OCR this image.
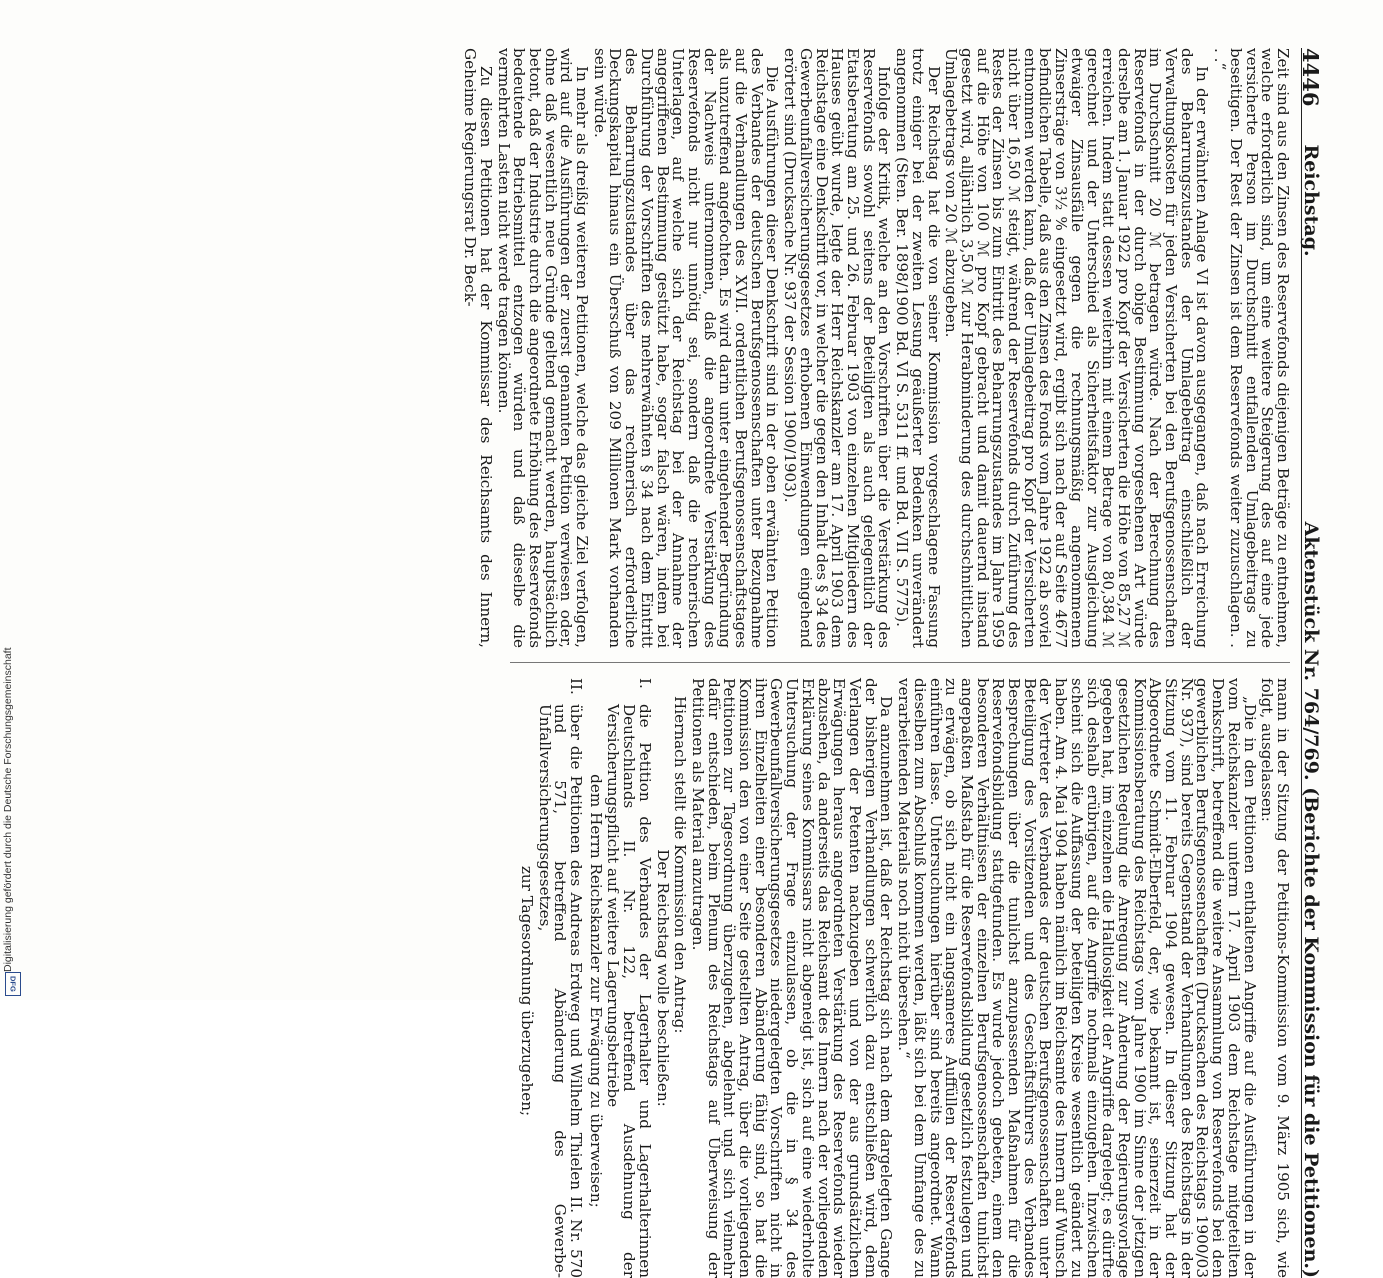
4446
Reichstag.
Aktenstück Nr. 764/769. (Berichte der Kommission für die Petitionen.)

Zeit sind aus den Zinsen des Reservefonds diejenigen Beträge zu entnehmen, welche erforderlich sind, um eine weitere Steigerung des auf eine jede versicherte Person im Durchschnitt entfallenden Umlagebeitrags zu beseitigen. Der Rest der Zinsen ist dem Reservefonds weiter zuzuschlagen. . . .“

In der erwähnten Anlage VI ist davon ausgegangen, daß nach Erreichung des Beharrungszustandes der Umlagebeitrag einschließlich der Verwaltungskosten für jeden Versicherten bei den Berufsgenossenschaften im Durchschnitt 20 ℳ betragen würde. Nach der Berechnung des Reservefonds in der durch obige Bestimmung vorgesehenen Art würde derselbe am 1. Januar 1922 pro Kopf der Versicherten die Höhe von 85,27 ℳ erreichen. Indem statt dessen weiterhin mit einem Betrage von 80,384 ℳ gerechnet und der Unterschied als Sicherheitsfaktor zur Ausgleichung etwaiger Zinsausfälle gegen die rechnungsmäßig angenommenen Zinsersträge von 3½ % eingesetzt wird, ergibt sich nach der auf Seite 4677 befindlichen Tabelle, daß aus den Zinsen des Fonds vom Jahre 1922 ab soviel entnommen werden kann, daß der Umlagebeitrag pro Kopf der Versicherten nicht über 16,50 ℳ steigt, während der Reservefonds durch Zuführung des Restes der Zinsen bis zum Eintritt des Beharrungszustandes im Jahre 1959 auf die Höhe von 100 ℳ pro Kopf gebracht und damit dauernd instand gesetzt wird, alljährlich 3,50 ℳ zur Herabminderung des durchschnittlichen Umlagebetrags von 20 ℳ abzugeben.

Der Reichstag hat die von seiner Kommission vorgeschlagene Fassung trotz einiger bei der zweiten Lesung geäußerter Bedenken unverändert angenommen (Sten. Ber. 1898/1900 Bd. VI S. 5311 ff. und Bd. VII S. 5775).

Infolge der Kritik, welche an den Vorschriften über die Verstärkung des Reservefonds sowohl seitens der Beteiligten als auch gelegentlich der Etatsberatung am 25. und 26. Februar 1903 von einzelnen Mitgliedern des Hauses geübt wurde, legte der Herr Reichskanzler am 17. April 1903 dem Reichstage eine Denkschrift vor, in welcher die gegen den Inhalt des § 34 des Gewerbeunfallversicherungsgesetzes erhobenen Einwendungen eingehend erörtert sind (Drucksache Nr. 937 der Session 1900/1903).

Die Ausführungen dieser Denkschrift sind in der oben erwähnten Petition des Verbandes der deutschen Berufsgenossenschaften unter Bezugnahme auf die Verhandlungen des XVII. ordentlichen Berufsgenossenschaftstages als unzutreffend angefochten. Es wird darin unter eingehender Begründung der Nachweis unternommen, daß die angeordnete Verstärkung des Reservefonds nicht nur unnötig sei, sondern daß die rechnerischen Unterlagen, auf welche sich der Reichstag bei der Annahme der angegriffenen Bestimmung gestützt habe, sogar falsch wären, indem bei Durchführung der Vorschriften des mehrerwähnten § 34 nach dem Eintritt des Beharrungszustandes über das rechnerisch erforderliche Deckungskapital hinaus ein Überschuß von 209 Millionen Mark vorhanden sein würde.

In mehr als dreißig weiteren Petitionen, welche das gleiche Ziel verfolgen, wird auf die Ausführungen der zuerst genannten Petition verwiesen oder, ohne daß wesentlich neue Gründe geltend gemacht werden, hauptsächlich betont, daß der Industrie durch die angeordnete Erhöhung des Reservefonds bedeutende Betriebsmittel entzogen würden und daß dieselbe die vermehrten Lasten nicht werde tragen können.

Zu diesen Petitionen hat der Kommissar des Reichsamts des Innern, Geheime Regierungsrat Dr. Beck-

mann in der Sitzung der Petitions-Kommission vom 9. März 1905 sich, wie folgt, ausgelassen:

„Die in den Petitionen enthaltenen Angriffe auf die Ausführungen in der vom Reichskanzler unterm 17. April 1903 dem Reichstage mitgeteilten Denkschrift, betreffend die weitere Ansammlung von Reservefonds bei den gewerblichen Berufsgenossenschaften (Drucksachen des Reichstags 1900/03 Nr. 937), sind bereits Gegenstand der Verhandlungen des Reichstags in der Sitzung vom 11. Februar 1904 gewesen. In dieser Sitzung hat der Abgeordnete Schmidt-Elberfeld, der, wie bekannt ist, seinerzeit in der Kommissionsberatung des Reichstags vom Jahre 1900 im Sinne der jetzigen gesetzlichen Regelung die Anregung zur Änderung der Regierungsvorlage gegeben hat, im einzelnen die Haltlosigkeit der Angriffe dargelegt; es dürfte sich deshalb erübrigen, auf die Angriffe nochmals einzugehen. Inzwischen scheint sich die Auffassung der beteiligten Kreise wesentlich geändert zu haben. Am 4. Mai 1904 haben nämlich im Reichsamte des Innern auf Wunsch der Vertreter des Verbandes der deutschen Berufsgenossenschaften unter Beteiligung des Vorsitzenden und des Geschäftsführers des Verbandes Besprechungen über die tunlichst anzupassenden Maßnahmen für die Reservefondsbildung stattgefunden. Es wurde jedoch gebeten, einem den besonderen Verhältnissen der einzelnen Berufsgenossenschaften tunlichst angepaßten Maßstab für die Reservefondsbildung gesetzlich festzulegen und zu erwägen, ob sich nicht ein langsameres Auffüllen der Reservefonds einführen lasse. Untersuchungen hierüber sind bereits angeordnet. Wann dieselben zum Abschluß kommen werden, läßt sich bei dem Umfange des zu verarbeitenden Materials noch nicht übersehen.“

Da anzunehmen ist, daß der Reichstag sich nach dem dargelegten Gange der bisherigen Verhandlungen schwerlich dazu entschließen wird, dem Verlangen der Petenten nachzugeben und von der aus grundsätzlichen Erwägungen heraus angeordneten Verstärkung des Reservefonds wieder abzusehen, da anderseits das Reichsamt des Innern nach der vorliegenden Erklärung seines Kommissars nicht abgeneigt ist, sich auf eine wiederholte Untersuchung der Frage einzulassen, ob die in § 34 des Gewerbeunfallversicherungsgesetzes niedergelegten Vorschriften nicht in ihren Einzelheiten einer besonderen Abänderung fähig sind, so hat die Kommission den von einer Seite gestellten Antrag, über die vorliegenden Petitionen zur Tagesordnung überzugehen, abgelehnt und sich vielmehr dafür entschieden, beim Plenum des Reichstags auf Überweisung der Petitionen als Material anzutragen.

Hiernach stellt die Kommission den Antrag:

Der Reichstag wolle beschließen:

I.
die Petition des Verbandes der Lagerhalter und Lagerhalterinnen Deutschlands II. Nr. 122, betreffend Ausdehnung der Versicherungspflicht auf weitere Lagerungsbetriebe
dem Herrn Reichskanzler zur Erwägung zu überweisen;
II.
über die Petitionen des Andreas Erdweg und Wilhelm Thielen II. Nr. 570 und 571, betreffend Abänderung des Gewerbe-Unfallversicherungsgesetzes,
zur Tagesordnung überzugehen;
Digitalisierung gefördert durch die Deutsche Forschungsgemeinschaft
DFG
